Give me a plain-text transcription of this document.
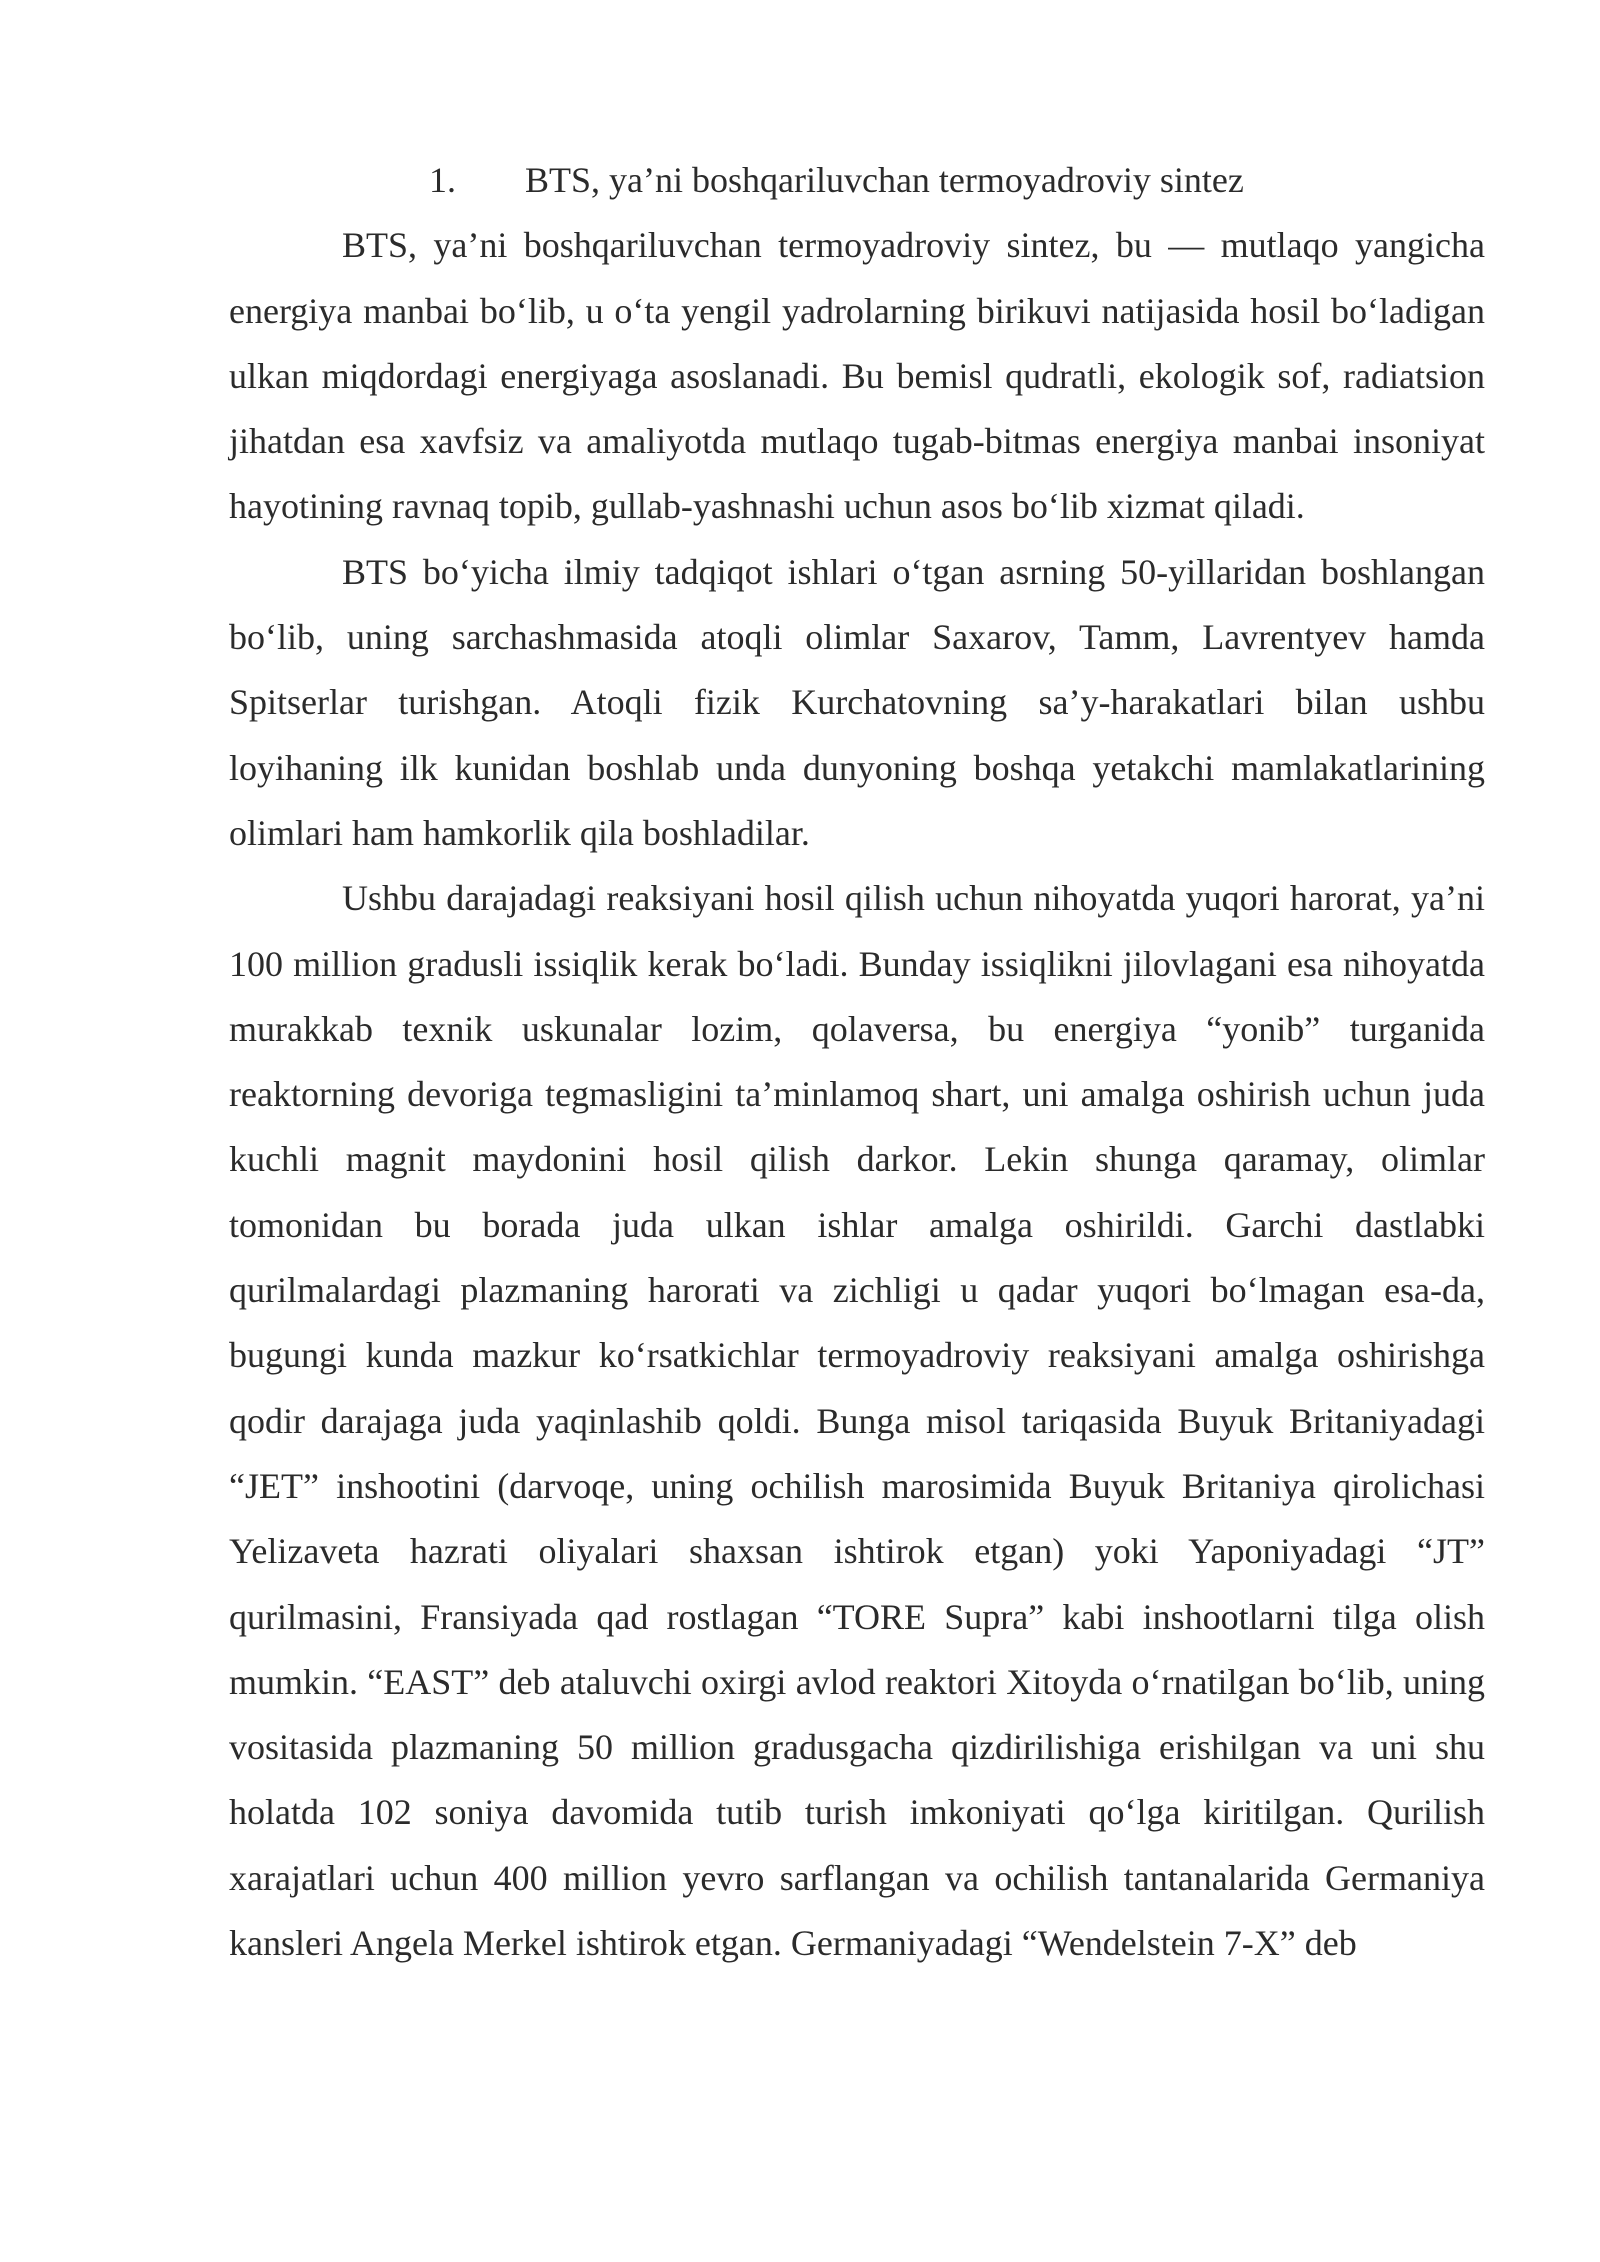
1. BTS, ya’ni boshqariluvchan termoyadroviy sintez

BTS, ya’ni boshqariluvchan termoyadroviy sintez, bu — mutlaqo yangicha energiya manbai bo‘lib, u o‘ta yengil yadrolarning birikuvi natijasida hosil bo‘ladigan ulkan miqdordagi energiyaga asoslanadi. Bu bemisl qudratli, ekologik sof, radiatsion jihatdan esa xavfsiz va amaliyotda mutlaqo tugab-bitmas energiya manbai insoniyat hayotining ravnaq topib, gullab-yashnashi uchun asos bo‘lib xizmat qiladi.

BTS bo‘yicha ilmiy tadqiqot ishlari o‘tgan asrning 50-yillaridan boshlangan bo‘lib, uning sarchashmasida atoqli olimlar Saxarov, Tamm, Lavrentyev hamda Spitserlar turishgan. Atoqli fizik Kurchatovning sa’y-harakatlari bilan ushbu loyihaning ilk kunidan boshlab unda dunyoning boshqa yetakchi mamlakatlarining olimlari ham hamkorlik qila boshladilar.

Ushbu darajadagi reaksiyani hosil qilish uchun nihoyatda yuqori harorat, ya’ni 100 million gradusli issiqlik kerak bo‘ladi. Bunday issiqlikni jilovlagani esa nihoyatda murakkab texnik uskunalar lozim, qolaversa, bu energiya “yonib” turganida reaktorning devoriga tegmasligini ta’minlamoq shart, uni amalga oshirish uchun juda kuchli magnit maydonini hosil qilish darkor. Lekin shunga qaramay, olimlar tomonidan bu borada juda ulkan ishlar amalga oshirildi. Garchi dastlabki qurilmalardagi plazmaning harorati va zichligi u qadar yuqori bo‘lmagan esa-da, bugungi kunda mazkur ko‘rsatkichlar termoyadroviy reaksiyani amalga oshirishga qodir darajaga juda yaqinlashib qoldi. Bunga misol tariqasida Buyuk Britaniyadagi “JET” inshootini (darvoqe, uning ochilish marosimida Buyuk Britaniya qirolichasi Yelizaveta hazrati oliyalari shaxsan ishtirok etgan) yoki Yaponiyadagi “JT” qurilmasini, Fransiyada qad rostlagan “TORE Supra” kabi inshootlarni tilga olish mumkin. “EAST” deb ataluvchi oxirgi avlod reaktori Xitoyda o‘rnatilgan bo‘lib, uning vositasida plazmaning 50 million gradusgacha qizdirilishiga erishilgan va uni shu holatda 102 soniya davomida tutib turish imkoniyati qo‘lga kiritilgan. Qurilish xarajatlari uchun 400 million yevro sarflangan va ochilish tantanalarida Germaniya kansleri Angela Merkel ishtirok etgan. Germaniyadagi “Wendelstein 7-X” deb
